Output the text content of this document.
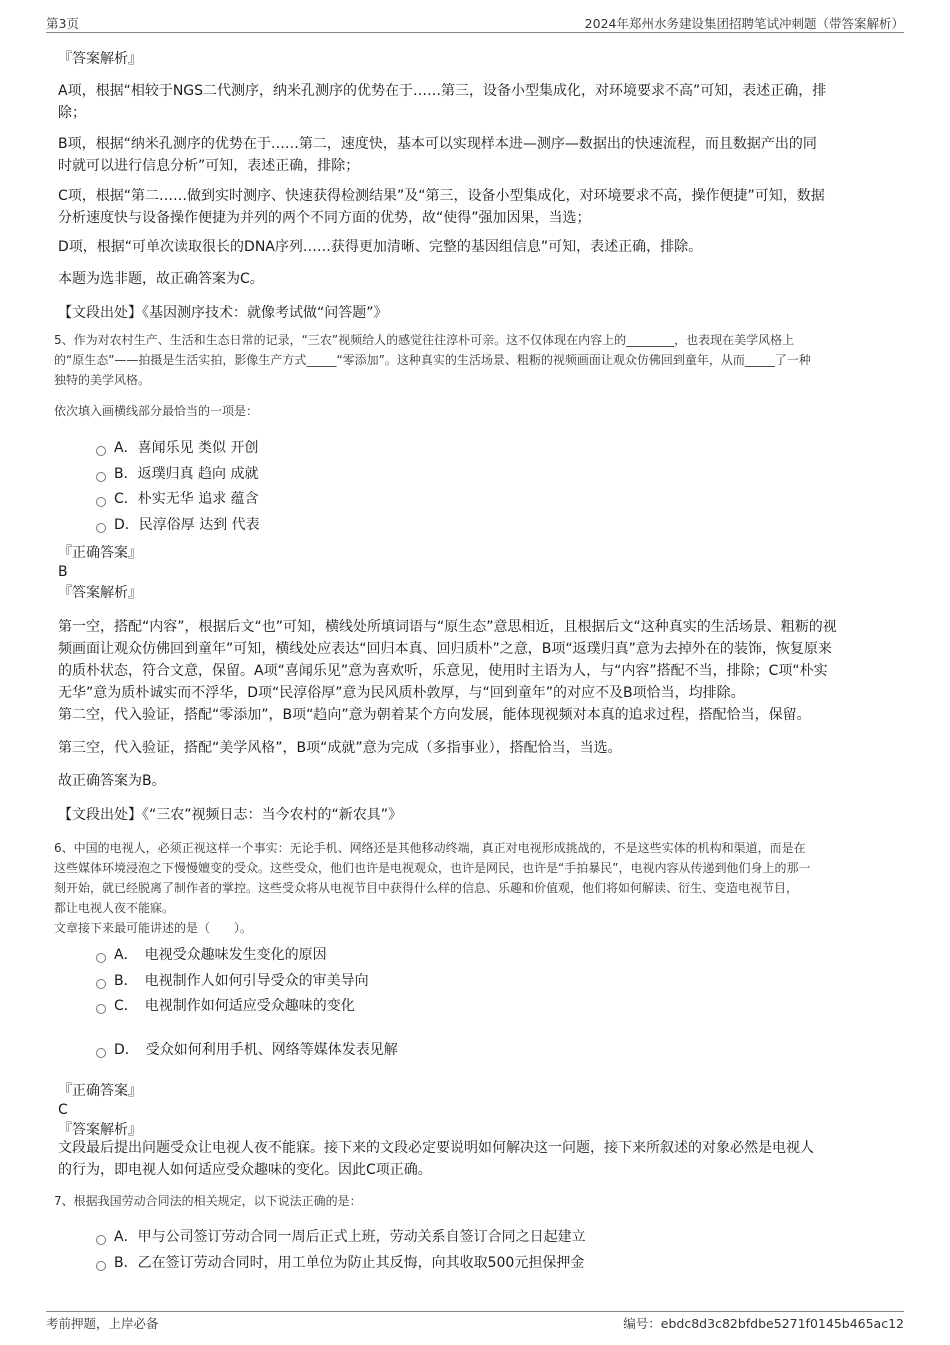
第3页	2024年郑州水务建设集团招聘笔试冲刺题（带答案解析）
『答案解析』
A项，根据“相较于NGS二代测序，纳米孔测序的优势在于……第三，设备小型集成化，对环境要求不高”可知，表述正确，排
除；
B项，根据“纳米孔测序的优势在于……第二，速度快，基本可以实现样本进—测序—数据出的快速流程，而且数据产出的同
时就可以进行信息分析”可知，表述正确，排除；
C项，根据“第二……做到实时测序、快速获得检测结果”及“第三，设备小型集成化，对环境要求不高，操作便捷”可知，数据
分析速度快与设备操作便捷为并列的两个不同方面的优势，故“使得”强加因果，当选；
D项，根据“可单次读取很长的DNA序列……获得更加清晰、完整的基因组信息”可知，表述正确，排除。
本题为选非题，故正确答案为C。
【文段出处】《基因测序技术：就像考试做“问答题”》
5、作为对农村生产、生活和生态日常的记录，“三农”视频给人的感觉往往淳朴可亲。这不仅体现在内容上的________，也表现在美学风格上
的“原生态”——拍摄是生活实拍，影像生产方式_____“零添加”。这种真实的生活场景、粗粝的视频画面让观众仿佛回到童年，从而_____了一种
独特的美学风格。
依次填入画横线部分最恰当的一项是：
A．喜闻乐见 类似 开创
B．返璞归真 趋向 成就
C．朴实无华 追求 蕴含
D．民淳俗厚 达到 代表
『正确答案』
B
『答案解析』
第一空，搭配“内容”，根据后文“也”可知，横线处所填词语与“原生态”意思相近，且根据后文“这种真实的生活场景、粗粝的视
频画面让观众仿佛回到童年”可知，横线处应表达“回归本真、回归质朴”之意，B项“返璞归真”意为去掉外在的装饰，恢复原来
的质朴状态，符合文意，保留。A项“喜闻乐见”意为喜欢听，乐意见，使用时主语为人，与“内容”搭配不当，排除；C项“朴实
无华”意为质朴诚实而不浮华，D项“民淳俗厚”意为民风质朴敦厚，与“回到童年”的对应不及B项恰当，均排除。
第二空，代入验证，搭配“零添加”，B项“趋向”意为朝着某个方向发展，能体现视频对本真的追求过程，搭配恰当，保留。
第三空，代入验证，搭配“美学风格”，B项“成就”意为完成（多指事业），搭配恰当，当选。
故正确答案为B。
【文段出处】《“三农”视频日志：当今农村的“新农具”》
6、中国的电视人，必须正视这样一个事实：无论手机、网络还是其他移动终端，真正对电视形成挑战的，不是这些实体的机构和渠道，而是在
这些媒体环境浸泡之下慢慢嬗变的受众。这些受众，他们也许是电视观众，也许是网民，也许是“手拍暴民”，电视内容从传递到他们身上的那一
刻开始，就已经脱离了制作者的掌控。这些受众将从电视节目中获得什么样的信息、乐趣和价值观，他们将如何解读、衍生、变造电视节目，
都让电视人夜不能寐。
文章接下来最可能讲述的是（　　）。
A．　电视受众趣味发生变化的原因
B．　电视制作人如何引导受众的审美导向
C．　电视制作如何适应受众趣味的变化
D．　受众如何利用手机、网络等媒体发表见解
『正确答案』
C
『答案解析』
文段最后提出问题受众让电视人夜不能寐。接下来的文段必定要说明如何解决这一问题，接下来所叙述的对象必然是电视人
的行为，即电视人如何适应受众趣味的变化。因此C项正确。
7、根据我国劳动合同法的相关规定，以下说法正确的是：
A．甲与公司签订劳动合同一周后正式上班，劳动关系自签订合同之日起建立
B．乙在签订劳动合同时，用工单位为防止其反悔，向其收取500元担保押金
考前押题，上岸必备	编号：ebdc8d3c82bfdbe5271f0145b465ac12
